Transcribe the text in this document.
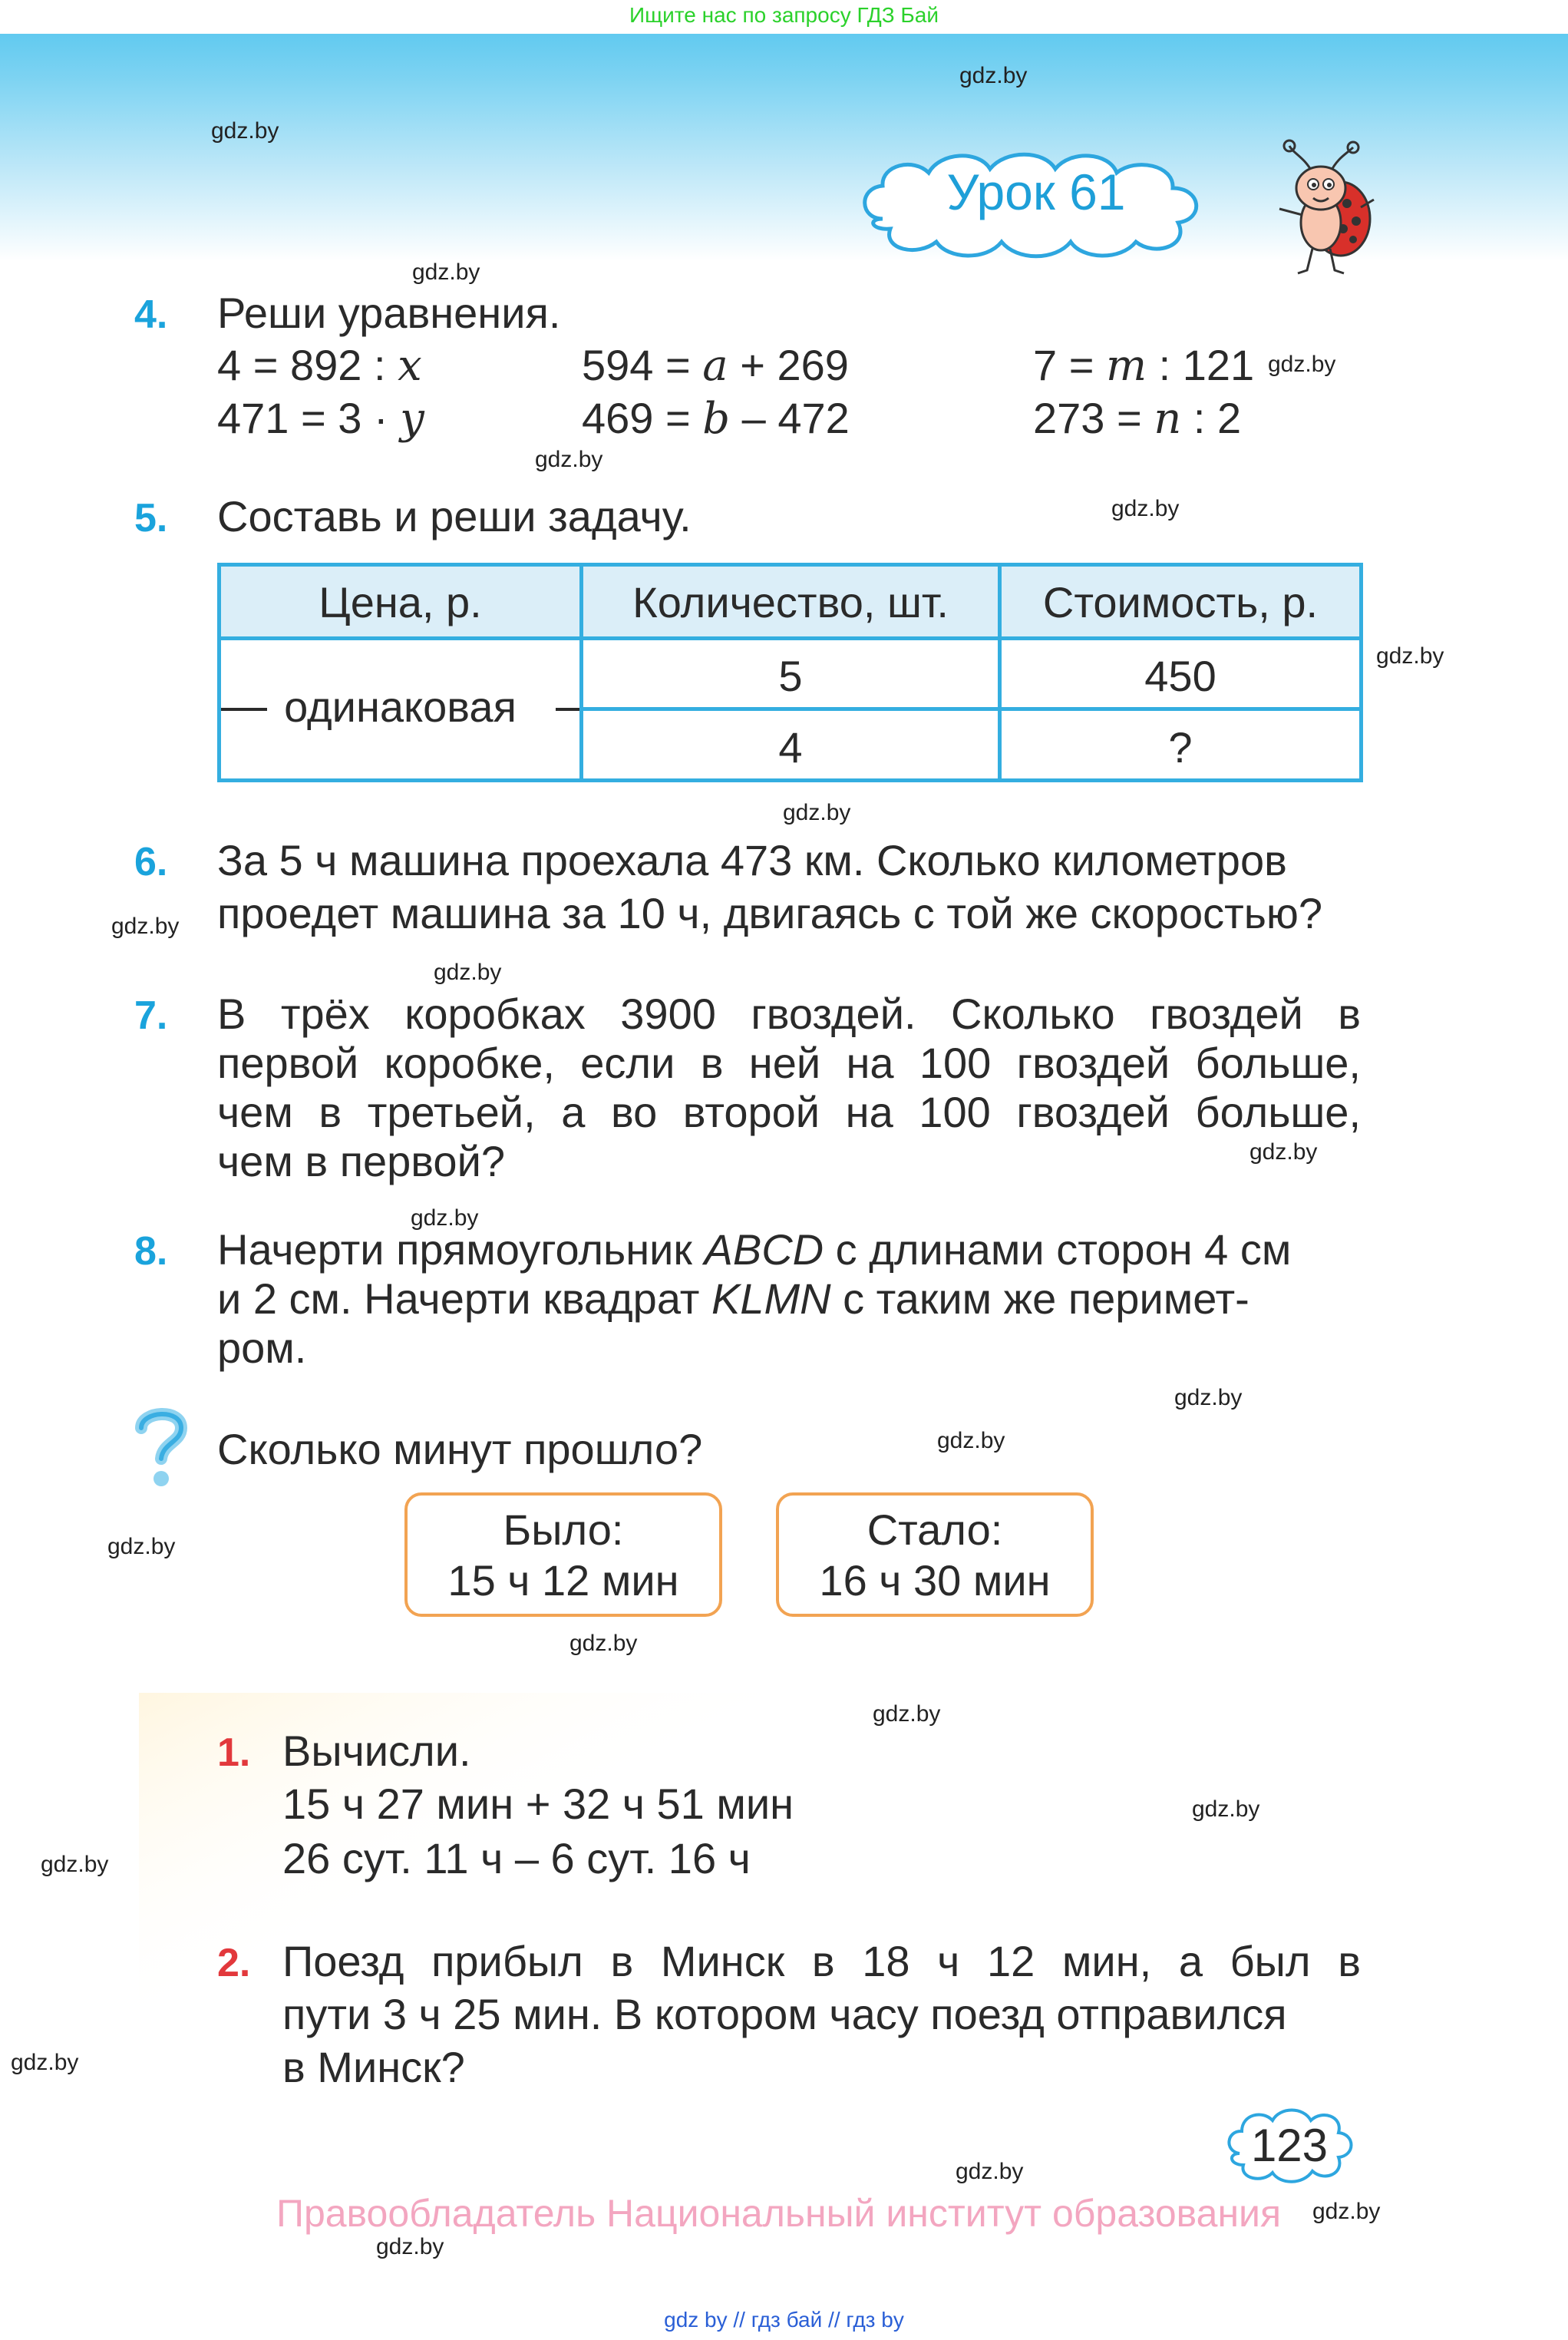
Ищите нас по запросу ГДЗ Бай
Урок 61
gdz.by
gdz.by
gdz.by
gdz.by
gdz.by
gdz.by
gdz.by
gdz.by
gdz.by
gdz.by
gdz.by
gdz.by
gdz.by
gdz.by
gdz.by
gdz.by
gdz.by
gdz.by
gdz.by
gdz.by
gdz.by
gdz.by
gdz.by
4. Реши уравнения.
4 = 892 : x	594 = a + 269	7 = m : 121
471 = 3 · y	469 = b – 472	273 = n : 2
5. Составь и реши задачу.
Цена, р.	Количество, шт.	Стоимость, р.
одинаковая
5	450
4	?
6. За 5 ч машина проехала 473 км. Сколько километров
проедет машина за 10 ч, двигаясь с той же скоростью?
7. В трёх коробках 3900 гвоздей. Сколько гвоздей в
первой коробке, если в ней на 100 гвоздей больше,
чем в третьей, а во второй на 100 гвоздей больше,
чем в первой?
8. Начерти прямоугольник ABCD с длинами сторон 4 см
и 2 см. Начерти квадрат KLMN с таким же перимет-
ром.
Сколько минут прошло?
Было:
15 ч 12 мин
Стало:
16 ч 30 мин
1. Вычисли.
15 ч 27 мин + 32 ч 51 мин
26 сут. 11 ч – 6 сут. 16 ч
2. Поезд прибыл в Минск в 18 ч 12 мин, а был в
пути 3 ч 25 мин. В котором часу поезд отправился
в Минск?
123
Правообладатель Национальный институт образования
gdz by // гдз бай // гдз by
